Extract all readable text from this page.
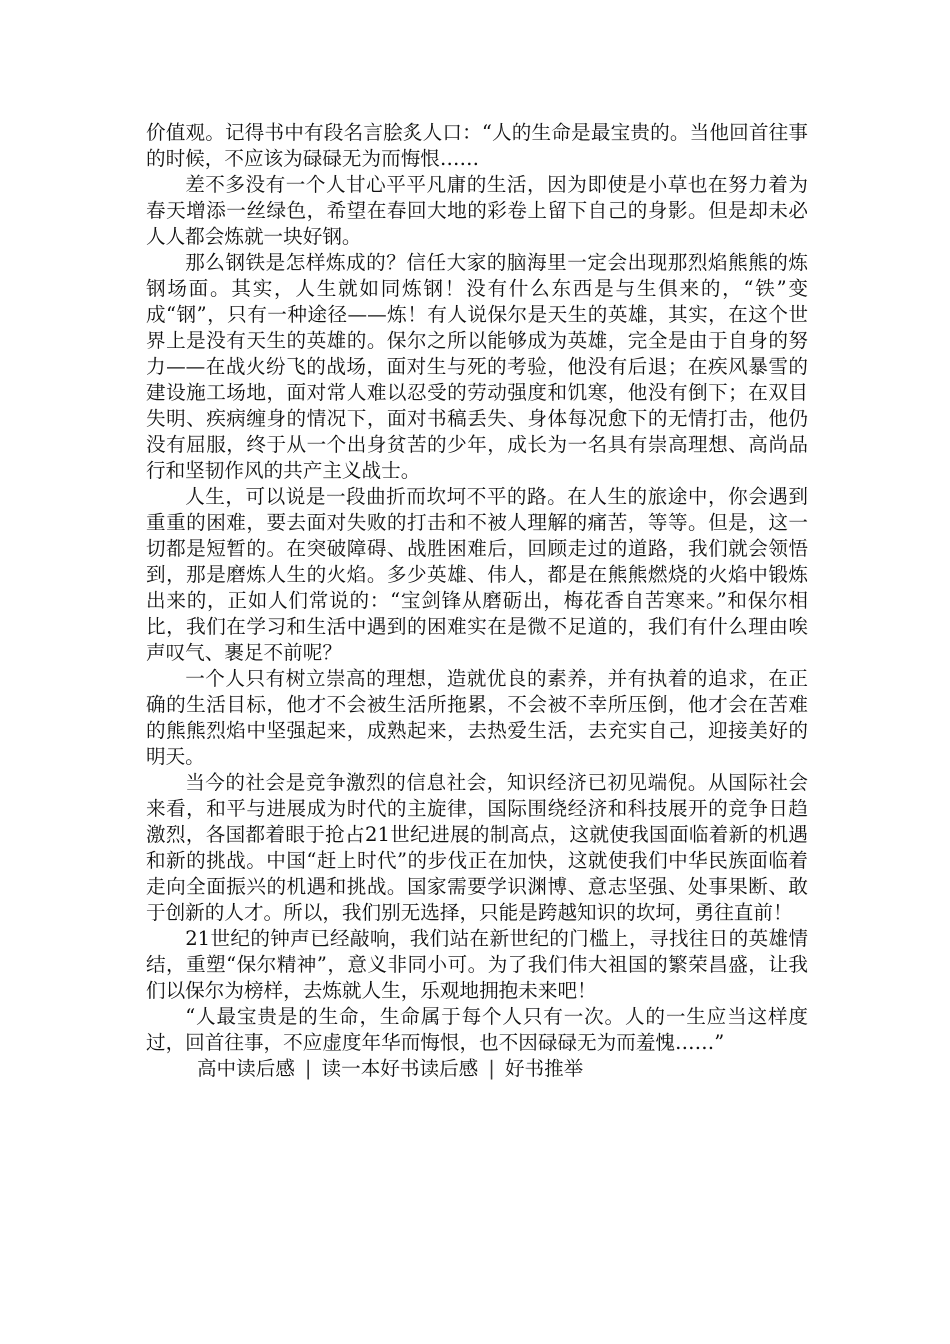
价值观。记得书中有段名言脍炙人口：“人的生命是最宝贵的。当他回首往事的时候，不应该为碌碌无为而悔恨……

差不多没有一个人甘心平平凡庸的生活，因为即使是小草也在努力着为春天增添一丝绿色，希望在春回大地的彩卷上留下自己的身影。但是却未必人人都会炼就一块好钢。

那么钢铁是怎样炼成的？信任大家的脑海里一定会出现那烈焰熊熊的炼钢场面。其实，人生就如同炼钢！没有什么东西是与生俱来的，“铁”变成“钢”，只有一种途径——炼！有人说保尔是天生的英雄，其实，在这个世界上是没有天生的英雄的。保尔之所以能够成为英雄，完全是由于自身的努力——在战火纷飞的战场，面对生与死的考验，他没有后退；在疾风暴雪的建设施工场地，面对常人难以忍受的劳动强度和饥寒，他没有倒下；在双目失明、疾病缠身的情况下，面对书稿丢失、身体每况愈下的无情打击，他仍没有屈服，终于从一个出身贫苦的少年，成长为一名具有崇高理想、高尚品行和坚韧作风的共产主义战士。

人生，可以说是一段曲折而坎坷不平的路。在人生的旅途中，你会遇到重重的困难，要去面对失败的打击和不被人理解的痛苦，等等。但是，这一切都是短暂的。在突破障碍、战胜困难后，回顾走过的道路，我们就会领悟到，那是磨炼人生的火焰。多少英雄、伟人，都是在熊熊燃烧的火焰中锻炼出来的，正如人们常说的：“宝剑锋从磨砺出，梅花香自苦寒来。”和保尔相比，我们在学习和生活中遇到的困难实在是微不足道的，我们有什么理由唉声叹气、裹足不前呢？

一个人只有树立崇高的理想，造就优良的素养，并有执着的追求，在正确的生活目标，他才不会被生活所拖累，不会被不幸所压倒，他才会在苦难的熊熊烈焰中坚强起来，成熟起来，去热爱生活，去充实自己，迎接美好的明天。

当今的社会是竞争激烈的信息社会，知识经济已初见端倪。从国际社会来看，和平与进展成为时代的主旋律，国际围绕经济和科技展开的竞争日趋激烈，各国都着眼于抢占21世纪进展的制高点，这就使我国面临着新的机遇和新的挑战。中国“赶上时代”的步伐正在加快，这就使我们中华民族面临着走向全面振兴的机遇和挑战。国家需要学识渊博、意志坚强、处事果断、敢于创新的人才。所以，我们别无选择，只能是跨越知识的坎坷，勇往直前！

21世纪的钟声已经敲响，我们站在新世纪的门槛上，寻找往日的英雄情结，重塑“保尔精神”，意义非同小可。为了我们伟大祖国的繁荣昌盛，让我们以保尔为榜样，去炼就人生，乐观地拥抱未来吧！

“人最宝贵是的生命，生命属于每个人只有一次。人的一生应当这样度过，回首往事，不应虚度年华而悔恨，也不因碌碌无为而羞愧……”

高中读后感 | 读一本好书读后感 | 好书推举
